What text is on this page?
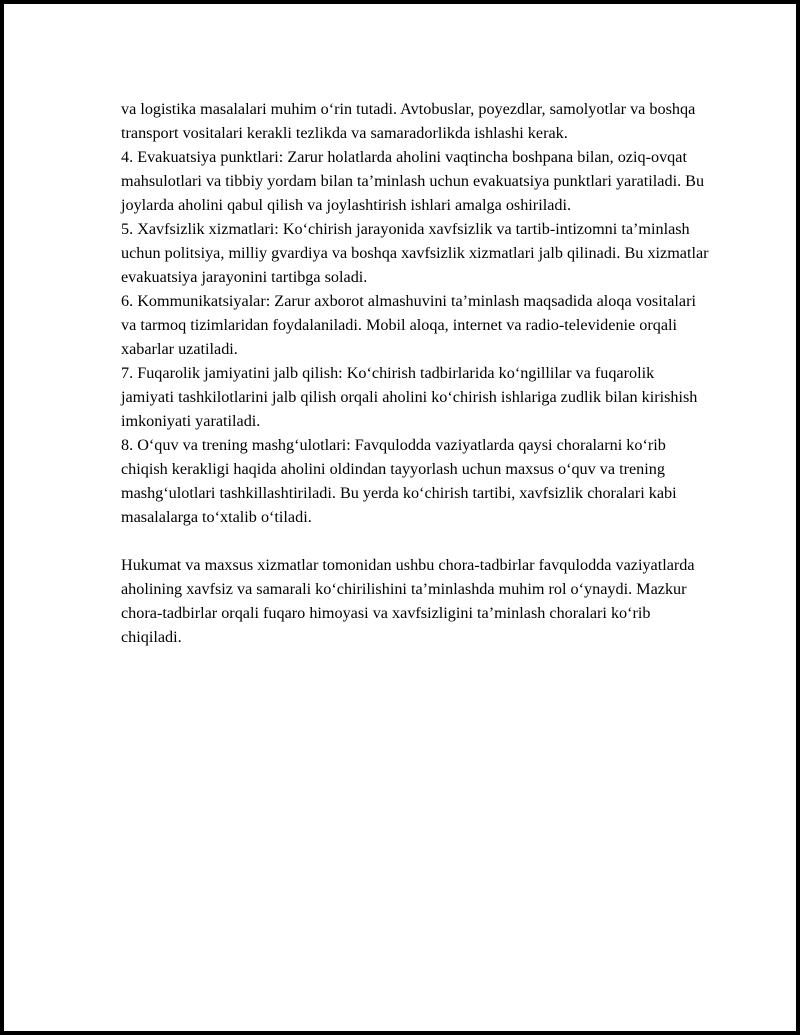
va logistika masalalari muhim oʻrin tutadi. Avtobuslar, poyezdlar, samolyotlar va boshqa transport vositalari kerakli tezlikda va samaradorlikda ishlashi kerak.

4. Evakuatsiya punktlari: Zarur holatlarda aholini vaqtincha boshpana bilan, oziq-ovqat mahsulotlari va tibbiy yordam bilan taʼminlash uchun evakuatsiya punktlari yaratiladi. Bu joylarda aholini qabul qilish va joylashtirish ishlari amalga oshiriladi.

5. Xavfsizlik xizmatlari: Koʻchirish jarayonida xavfsizlik va tartib-intizomni taʼminlash uchun politsiya, milliy gvardiya va boshqa xavfsizlik xizmatlari jalb qilinadi. Bu xizmatlar evakuatsiya jarayonini tartibga soladi.

6. Kommunikatsiyalar: Zarur axborot almashuvini taʼminlash maqsadida aloqa vositalari va tarmoq tizimlaridan foydalaniladi. Mobil aloqa, internet va radio-televidenie orqali xabarlar uzatiladi.

7. Fuqarolik jamiyatini jalb qilish: Koʻchirish tadbirlarida koʻngillilar va fuqarolik jamiyati tashkilotlarini jalb qilish orqali aholini koʻchirish ishlariga zudlik bilan kirishish imkoniyati yaratiladi.

8. Oʻquv va trening mashgʻulotlari: Favqulodda vaziyatlarda qaysi choralarni koʻrib chiqish kerakligi haqida aholini oldindan tayyorlash uchun maxsus oʻquv va trening mashgʻulotlari tashkillashtiriladi. Bu yerda koʻchirish tartibi, xavfsizlik choralari kabi masalalarga toʻxtalib oʻtiladi.

Hukumat va maxsus xizmatlar tomonidan ushbu chora-tadbirlar favqulodda vaziyatlarda aholining xavfsiz va samarali koʻchirilishini taʼminlashda muhim rol oʻynaydi. Mazkur chora-tadbirlar orqali fuqaro himoyasi va xavfsizligini taʼminlash choralari koʻrib chiqiladi.
